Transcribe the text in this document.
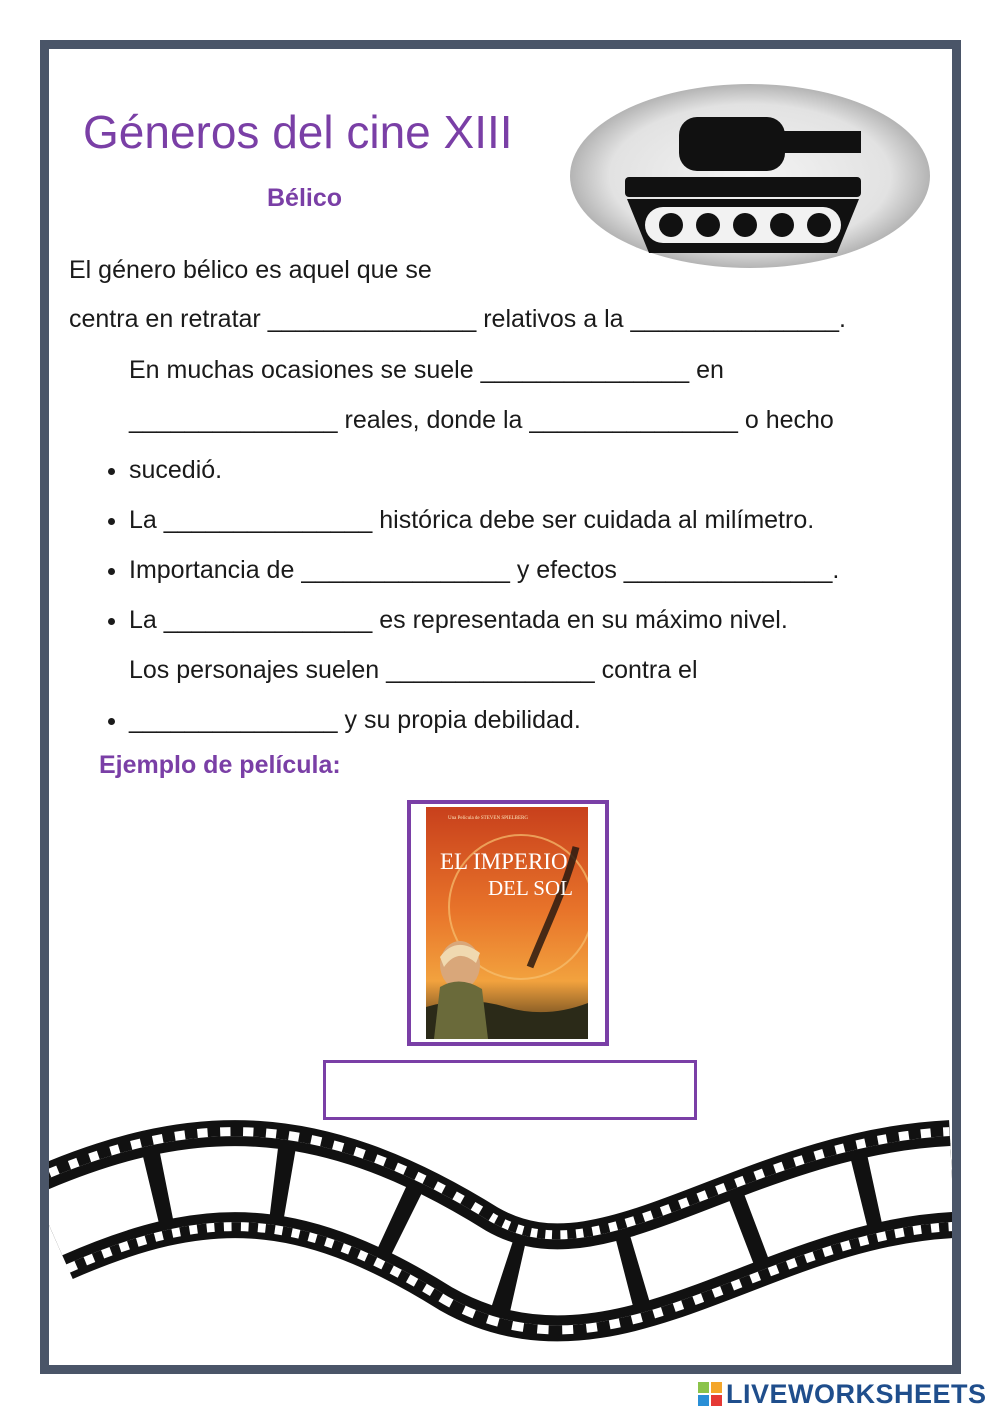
Géneros del cine XIII
Bélico

El género bélico es aquel que se

centra en retratar _______________ relativos a la _______________.

• En muchas ocasiones se suele _______________ en _______________ reales, donde la _______________ o hecho sucedió.
• La _______________ histórica debe ser cuidada al milímetro.
• Importancia de _______________ y efectos _______________.
• La _______________ es representada en su máximo nivel.
• Los personajes suelen _______________ contra el _______________ y su propia debilidad.
Ejemplo de película:
Una Película de STEVEN SPIELBERG
EL IMPERIO
DEL SOL
LIVEWORKSHEETS
